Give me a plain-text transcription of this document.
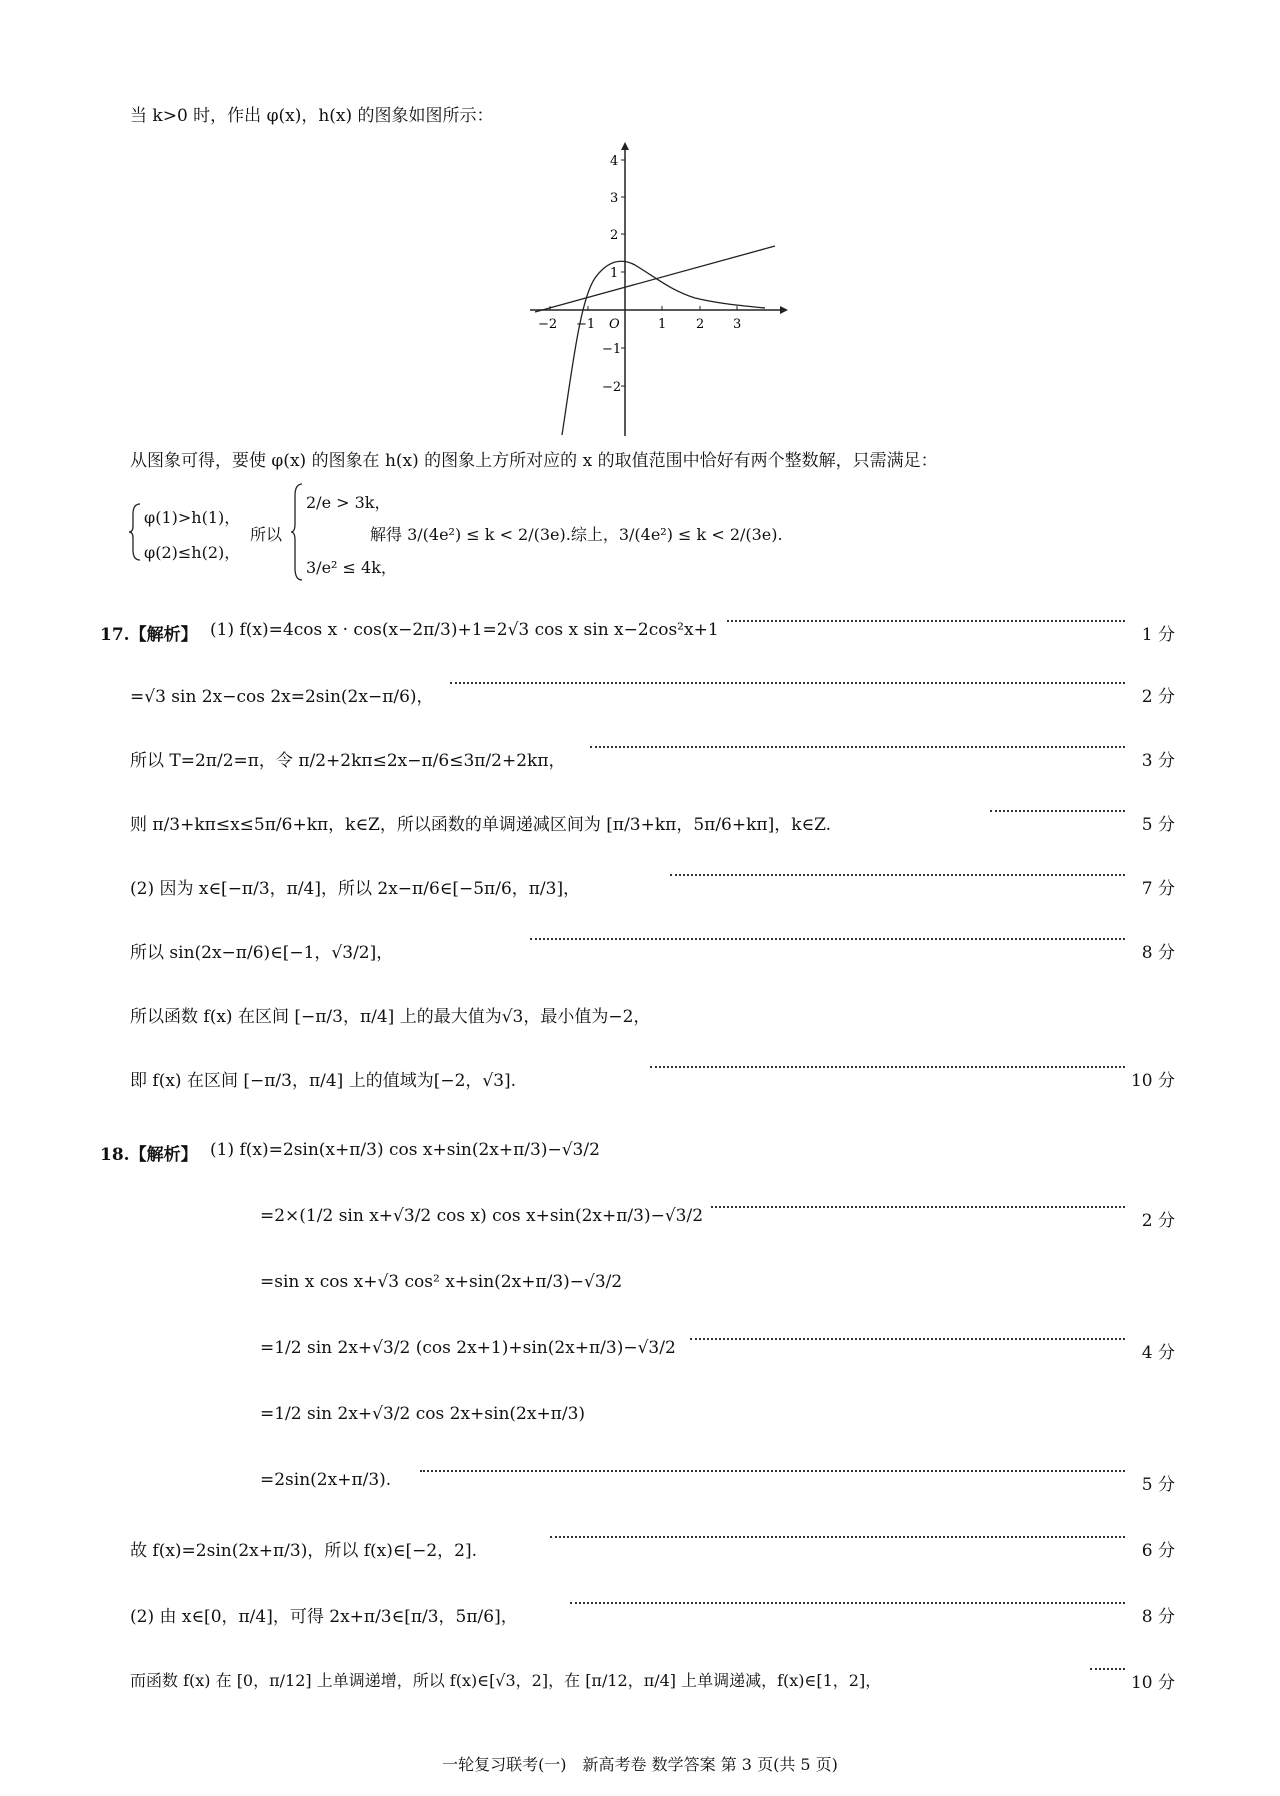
当 k>0 时，作出 φ(x)，h(x) 的图象如图所示：
4
3
2
1
−1
−2
−2 −1 O	1 2 3
从图象可得，要使 φ(x) 的图象在 h(x) 的图象上方所对应的 x 的取值范围中恰好有两个整数解，只需满足：
φ(1)>h(1)，
φ(2)≤h(2)，
所以
2/e > 3k，
3/e² ≤ 4k，
解得 3/(4e²) ≤ k < 2/(3e).综上，3/(4e²) ≤ k < 2/(3e).
17.【解析】 (1) f(x)=4cos x · cos(x−2π/3)+1=2√3 cos x sin x−2cos²x+1	1 分
=√3 sin 2x−cos 2x=2sin(2x−π/6)，	2 分
所以 T=2π/2=π，令 π/2+2kπ≤2x−π/6≤3π/2+2kπ，	3 分
则 π/3+kπ≤x≤5π/6+kπ，k∈Z，所以函数的单调递减区间为 [π/3+kπ，5π/6+kπ]，k∈Z.	5 分
(2) 因为 x∈[−π/3，π/4]，所以 2x−π/6∈[−5π/6，π/3]，	7 分
所以 sin(2x−π/6)∈[−1，√3/2]，	8 分
所以函数 f(x) 在区间 [−π/3，π/4] 上的最大值为√3，最小值为−2，
即 f(x) 在区间 [−π/3，π/4] 上的值域为[−2，√3].	10 分
18.【解析】 (1) f(x)=2sin(x+π/3) cos x+sin(2x+π/3)−√3/2
=2×(1/2 sin x+√3/2 cos x) cos x+sin(2x+π/3)−√3/2	2 分
=sin x cos x+√3 cos² x+sin(2x+π/3)−√3/2
=1/2 sin 2x+√3/2 (cos 2x+1)+sin(2x+π/3)−√3/2	4 分
=1/2 sin 2x+√3/2 cos 2x+sin(2x+π/3)
=2sin(2x+π/3).	5 分
故 f(x)=2sin(2x+π/3)，所以 f(x)∈[−2，2].	6 分
(2) 由 x∈[0，π/4]，可得 2x+π/3∈[π/3，5π/6]，	8 分
而函数 f(x) 在 [0，π/12] 上单调递增，所以 f(x)∈[√3，2]，在 [π/12，π/4] 上单调递减，f(x)∈[1，2]，	10 分
一轮复习联考(一)　新高考卷 数学答案 第 3 页(共 5 页)
